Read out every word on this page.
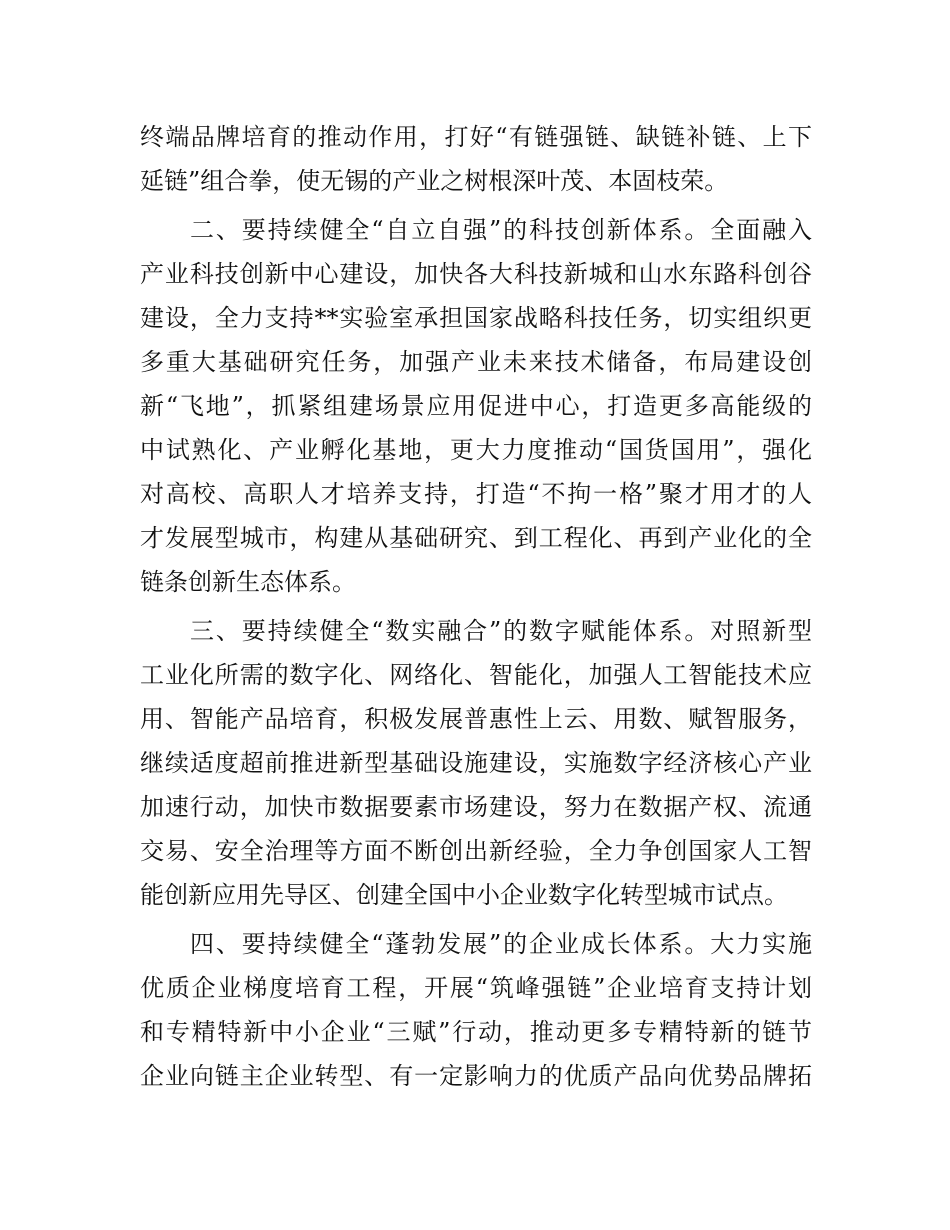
终端品牌培育的推动作用，打好“有链强链、缺链补链、上下
延链”组合拳，使无锡的产业之树根深叶茂、本固枝荣。
二、要持续健全“自立自强”的科技创新体系。全面融入
产业科技创新中心建设，加快各大科技新城和山水东路科创谷
建设，全力支持**实验室承担国家战略科技任务，切实组织更
多重大基础研究任务，加强产业未来技术储备，布局建设创
新“飞地”，抓紧组建场景应用促进中心，打造更多高能级的
中试熟化、产业孵化基地，更大力度推动“国货国用”，强化
对高校、高职人才培养支持，打造“不拘一格”聚才用才的人
才发展型城市，构建从基础研究、到工程化、再到产业化的全
链条创新生态体系。
三、要持续健全“数实融合”的数字赋能体系。对照新型
工业化所需的数字化、网络化、智能化，加强人工智能技术应
用、智能产品培育，积极发展普惠性上云、用数、赋智服务，
继续适度超前推进新型基础设施建设，实施数字经济核心产业
加速行动，加快市数据要素市场建设，努力在数据产权、流通
交易、安全治理等方面不断创出新经验，全力争创国家人工智
能创新应用先导区、创建全国中小企业数字化转型城市试点。
四、要持续健全“蓬勃发展”的企业成长体系。大力实施
优质企业梯度培育工程，开展“筑峰强链”企业培育支持计划
和专精特新中小企业“三赋”行动，推动更多专精特新的链节
企业向链主企业转型、有一定影响力的优质产品向优势品牌拓
